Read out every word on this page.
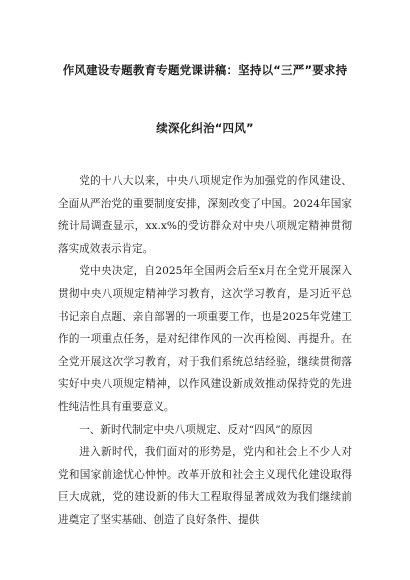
作风建设专题教育专题党课讲稿：坚持以“三严”要求持
续深化纠治“四风”

党的十八大以来，中央八项规定作为加强党的作风建设、全面从严治党的重要制度安排，深刻改变了中国。2024年国家统计局调查显示，xx.x%的受访群众对中央八项规定精神贯彻落实成效表示肯定。

党中央决定，自2025年全国两会后至x月在全党开展深入贯彻中央八项规定精神学习教育，这次学习教育，是习近平总书记亲自点题、亲自部署的一项重要工作，也是2025年党建工作的一项重点任务，是对纪律作风的一次再检阅、再提升。在全党开展这次学习教育，对于我们系统总结经验，继续贯彻落实好中央八项规定精神，以作风建设新成效推动保持党的先进性纯洁性具有重要意义。

一、新时代制定中央八项规定、反对“四风”的原因

进入新时代，我们面对的形势是，党内和社会上不少人对党和国家前途忧心忡忡。改革开放和社会主义现代化建设取得巨大成就，党的建设新的伟大工程取得显著成效为我们继续前进奠定了坚实基础、创造了良好条件、提供
